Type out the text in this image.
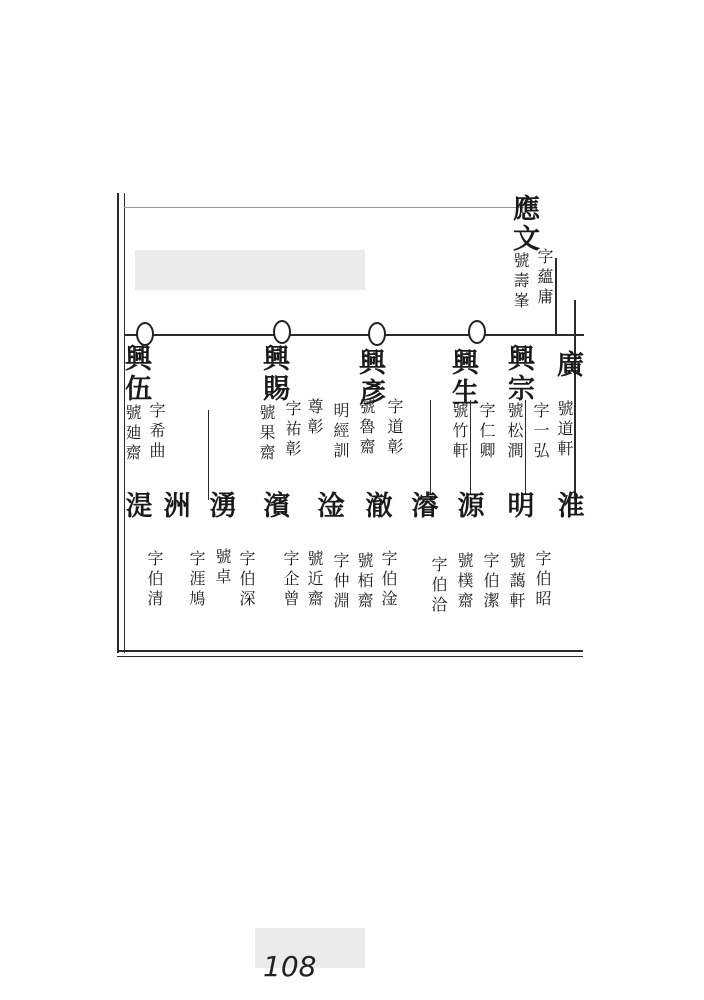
應文
字蘊庸
號壽峯
廣
號道軒
興宗
字一弘
號松澗
興生
字仁卿
號竹軒
興彥
字道彰
號魯齋
明經訓
尊彰
興賜
字祐彰
號果齋
興伍
字希曲
號廸齋
淮
明
源
濬
澈
淦
濱
湧
洲
湜
字伯昭
號藹軒
字伯潔
號樸齋
字伯洽
字伯淦
號栢齋
字仲淵
號近齋
字企曾
字伯深
號卓
字涯鳩
字伯清
108
